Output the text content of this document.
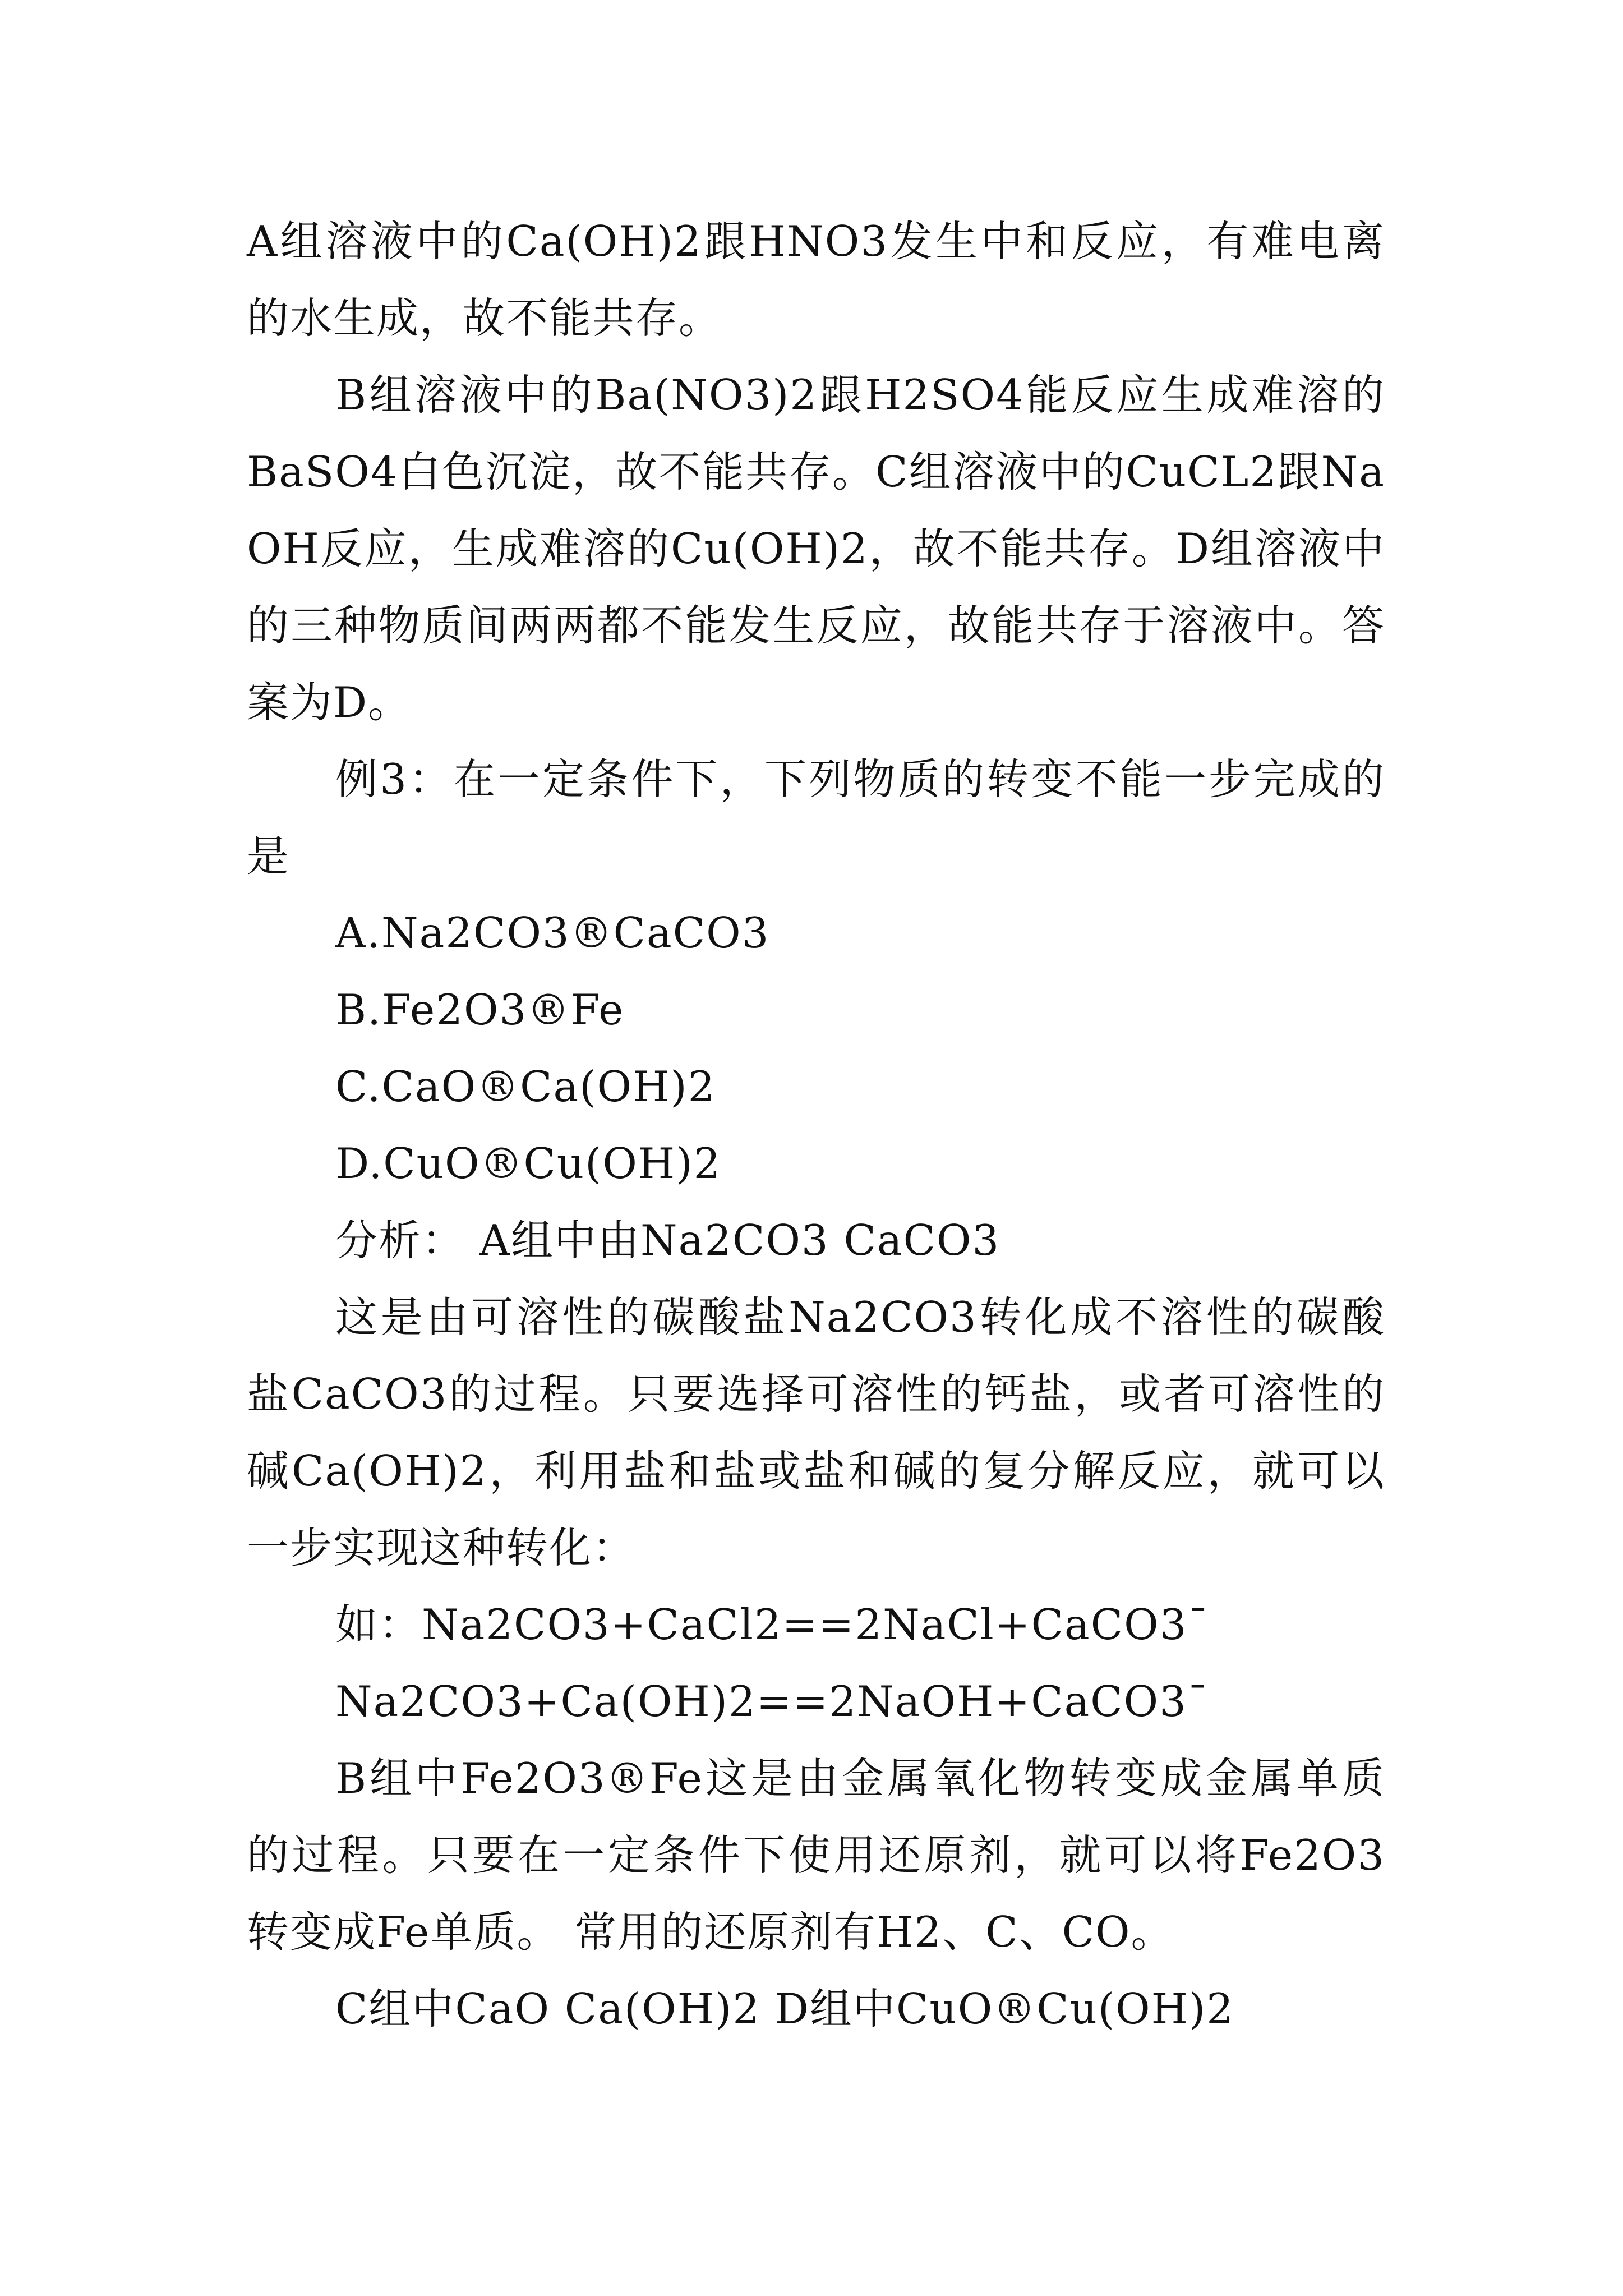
A组溶液中的Ca(OH)2跟HNO3发生中和反应，有难电离的水生成，故不能共存。

B组溶液中的Ba(NO3)2跟H2SO4能反应生成难溶的BaSO4白色沉淀，故不能共存。C组溶液中的CuCL2跟NaOH反应，生成难溶的Cu(OH)2，故不能共存。D组溶液中的三种物质间两两都不能发生反应，故能共存于溶液中。答案为D。

例3：在一定条件下，下列物质的转变不能一步完成的是

A.Na2CO3®CaCO3

B.Fe2O3®Fe

C.CaO®Ca(OH)2

D.CuO®Cu(OH)2

分析： A组中由Na2CO3 CaCO3

这是由可溶性的碳酸盐Na2CO3转化成不溶性的碳酸盐CaCO3的过程。只要选择可溶性的钙盐，或者可溶性的碱Ca(OH)2，利用盐和盐或盐和碱的复分解反应，就可以一步实现这种转化：

如：Na2CO3+CaCl2==2NaCl+CaCO3¯

Na2CO3+Ca(OH)2==2NaOH+CaCO3¯

B组中Fe2O3®Fe这是由金属氧化物转变成金属单质的过程。只要在一定条件下使用还原剂，就可以将Fe2O3转变成Fe单质。 常用的还原剂有H2、C、CO。

C组中CaO Ca(OH)2 D组中CuO®Cu(OH)2
